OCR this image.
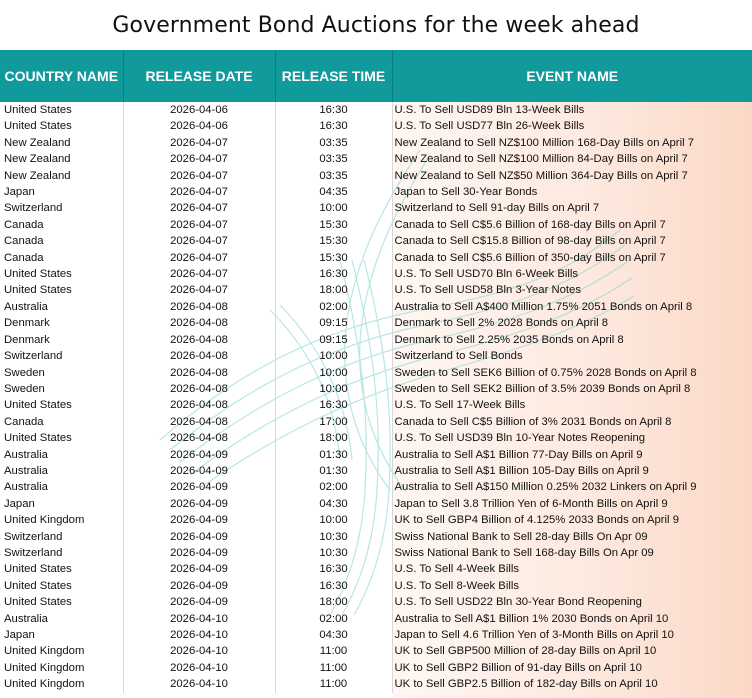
Government Bond Auctions for the week ahead
COUNTRY NAME	RELEASE DATE	RELEASE TIME	EVENT NAME
United States	2026-04-06	16:30	U.S. To Sell USD89 Bln 13-Week Bills
United States	2026-04-06	16:30	U.S. To Sell USD77 Bln 26-Week Bills
New Zealand	2026-04-07	03:35	New Zealand to Sell NZ$100 Million 168-Day Bills on April 7
New Zealand	2026-04-07	03:35	New Zealand to Sell NZ$100 Million 84-Day Bills on April 7
New Zealand	2026-04-07	03:35	New Zealand to Sell NZ$50 Million 364-Day Bills on April 7
Japan	2026-04-07	04:35	Japan to Sell 30-Year Bonds
Switzerland	2026-04-07	10:00	Switzerland to Sell 91-day Bills on April 7
Canada	2026-04-07	15:30	Canada to Sell C$5.6 Billion of 168-day Bills on April 7
Canada	2026-04-07	15:30	Canada to Sell C$15.8 Billion of 98-day Bills on April 7
Canada	2026-04-07	15:30	Canada to Sell C$5.6 Billion of 350-day Bills on April 7
United States	2026-04-07	16:30	U.S. To Sell USD70 Bln 6-Week Bills
United States	2026-04-07	18:00	U.S. To Sell USD58 Bln 3-Year Notes
Australia	2026-04-08	02:00	Australia to Sell A$400 Million 1.75% 2051 Bonds on April 8
Denmark	2026-04-08	09:15	Denmark to Sell 2% 2028 Bonds on April 8
Denmark	2026-04-08	09:15	Denmark to Sell 2.25% 2035 Bonds on April 8
Switzerland	2026-04-08	10:00	Switzerland to Sell Bonds
Sweden	2026-04-08	10:00	Sweden to Sell SEK6 Billion of 0.75% 2028 Bonds on April 8
Sweden	2026-04-08	10:00	Sweden to Sell SEK2 Billion of 3.5% 2039 Bonds on April 8
United States	2026-04-08	16:30	U.S. To Sell 17-Week Bills
Canada	2026-04-08	17:00	Canada to Sell C$5 Billion of 3% 2031 Bonds on April 8
United States	2026-04-08	18:00	U.S. To Sell USD39 Bln 10-Year Notes Reopening
Australia	2026-04-09	01:30	Australia to Sell A$1 Billion 77-Day Bills on April 9
Australia	2026-04-09	01:30	Australia to Sell A$1 Billion 105-Day Bills on April 9
Australia	2026-04-09	02:00	Australia to Sell A$150 Million 0.25% 2032 Linkers on April 9
Japan	2026-04-09	04:30	Japan to Sell 3.8 Trillion Yen of 6-Month Bills on April 9
United Kingdom	2026-04-09	10:00	UK to Sell GBP4 Billion of 4.125% 2033 Bonds on April 9
Switzerland	2026-04-09	10:30	Swiss National Bank to Sell 28-day Bills On Apr 09
Switzerland	2026-04-09	10:30	Swiss National Bank to Sell 168-day Bills On Apr 09
United States	2026-04-09	16:30	U.S. To Sell 4-Week Bills
United States	2026-04-09	16:30	U.S. To Sell 8-Week Bills
United States	2026-04-09	18:00	U.S. To Sell USD22 Bln 30-Year Bond Reopening
Australia	2026-04-10	02:00	Australia to Sell A$1 Billion 1% 2030 Bonds on April 10
Japan	2026-04-10	04:30	Japan to Sell 4.6 Trillion Yen of 3-Month Bills on April 10
United Kingdom	2026-04-10	11:00	UK to Sell GBP500 Million of 28-day Bills on April 10
United Kingdom	2026-04-10	11:00	UK to Sell GBP2 Billion of 91-day Bills on April 10
United Kingdom	2026-04-10	11:00	UK to Sell GBP2.5 Billion of 182-day Bills on April 10
